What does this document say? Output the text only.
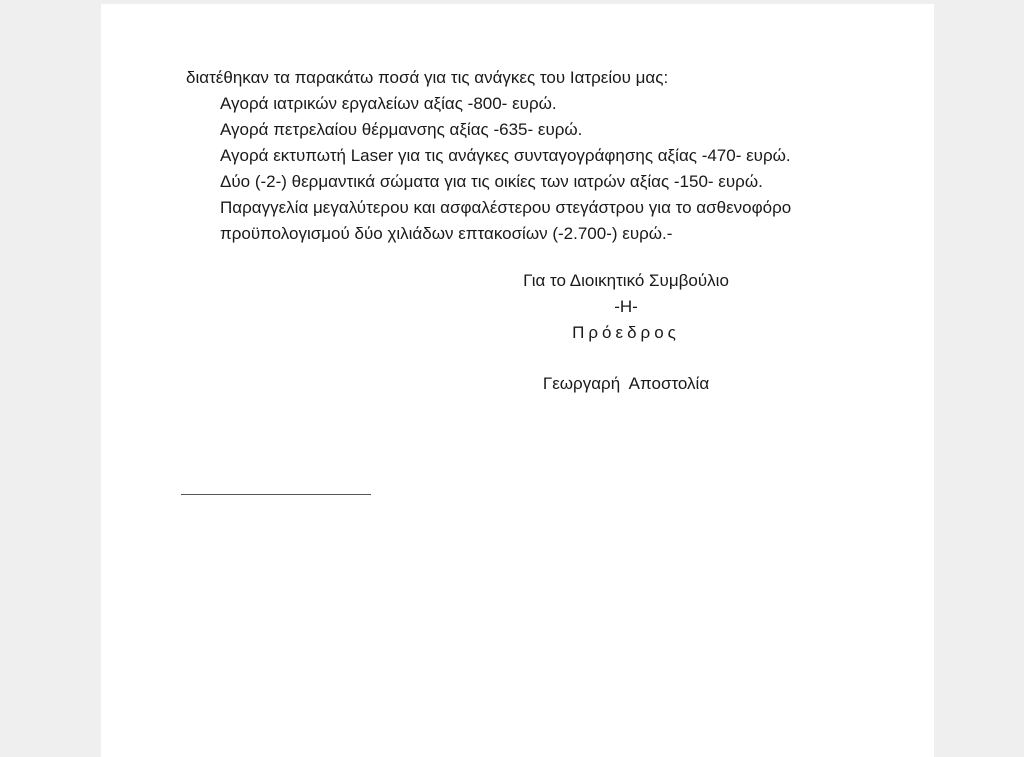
διατέθηκαν τα παρακάτω ποσά για τις ανάγκες του Ιατρείου μας:
Αγορά ιατρικών εργαλείων αξίας -800- ευρώ.
Αγορά πετρελαίου θέρμανσης αξίας -635- ευρώ.
Αγορά εκτυπωτή Laser για τις ανάγκες συνταγογράφησης αξίας -470- ευρώ.
Δύο (-2-) θερμαντικά σώματα για τις οικίες των ιατρών αξίας -150- ευρώ.
Παραγγελία μεγαλύτερου και ασφαλέστερου στεγάστρου για το ασθενοφόρο
προϋπολογισμού δύο χιλιάδων επτακοσίων (-2.700-) ευρώ.-
Για το Διοικητικό Συμβούλιο
-Η-
Πρόεδρος
Γεωργαρή  Αποστολία
